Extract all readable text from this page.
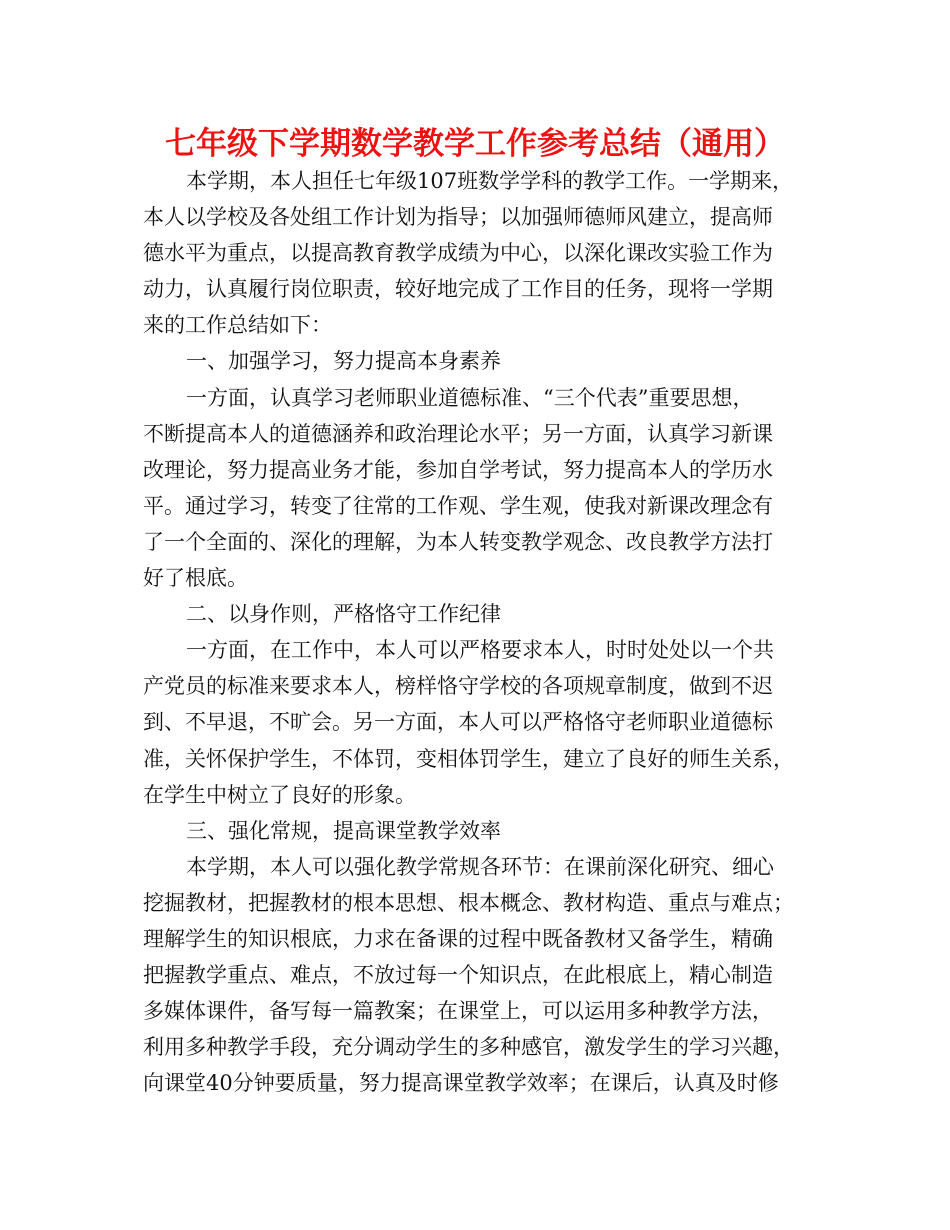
七年级下学期数学教学工作参考总结（通用）
本学期，本人担任七年级107班数学学科的教学工作。一学期来，
本人以学校及各处组工作计划为指导；以加强师德师风建立，提高师
德水平为重点，以提高教育教学成绩为中心，以深化课改实验工作为
动力，认真履行岗位职责，较好地完成了工作目的任务，现将一学期
来的工作总结如下：
一、加强学习，努力提高本身素养
一方面，认真学习老师职业道德标准、“三个代表”重要思想，
不断提高本人的道德涵养和政治理论水平；另一方面，认真学习新课
改理论，努力提高业务才能，参加自学考试，努力提高本人的学历水
平。通过学习，转变了往常的工作观、学生观，使我对新课改理念有
了一个全面的、深化的理解，为本人转变教学观念、改良教学方法打
好了根底。
二、以身作则，严格恪守工作纪律
一方面，在工作中，本人可以严格要求本人，时时处处以一个共
产党员的标准来要求本人，榜样恪守学校的各项规章制度，做到不迟
到、不早退，不旷会。另一方面，本人可以严格恪守老师职业道德标
准，关怀保护学生，不体罚，变相体罚学生，建立了良好的师生关系，
在学生中树立了良好的形象。
三、强化常规，提高课堂教学效率
本学期，本人可以强化教学常规各环节：在课前深化研究、细心
挖掘教材，把握教材的根本思想、根本概念、教材构造、重点与难点；
理解学生的知识根底，力求在备课的过程中既备教材又备学生，精确
把握教学重点、难点，不放过每一个知识点，在此根底上，精心制造
多媒体课件，备写每一篇教案；在课堂上，可以运用多种教学方法，
利用多种教学手段，充分调动学生的多种感官，激发学生的学习兴趣，
向课堂40分钟要质量，努力提高课堂教学效率；在课后，认真及时修
